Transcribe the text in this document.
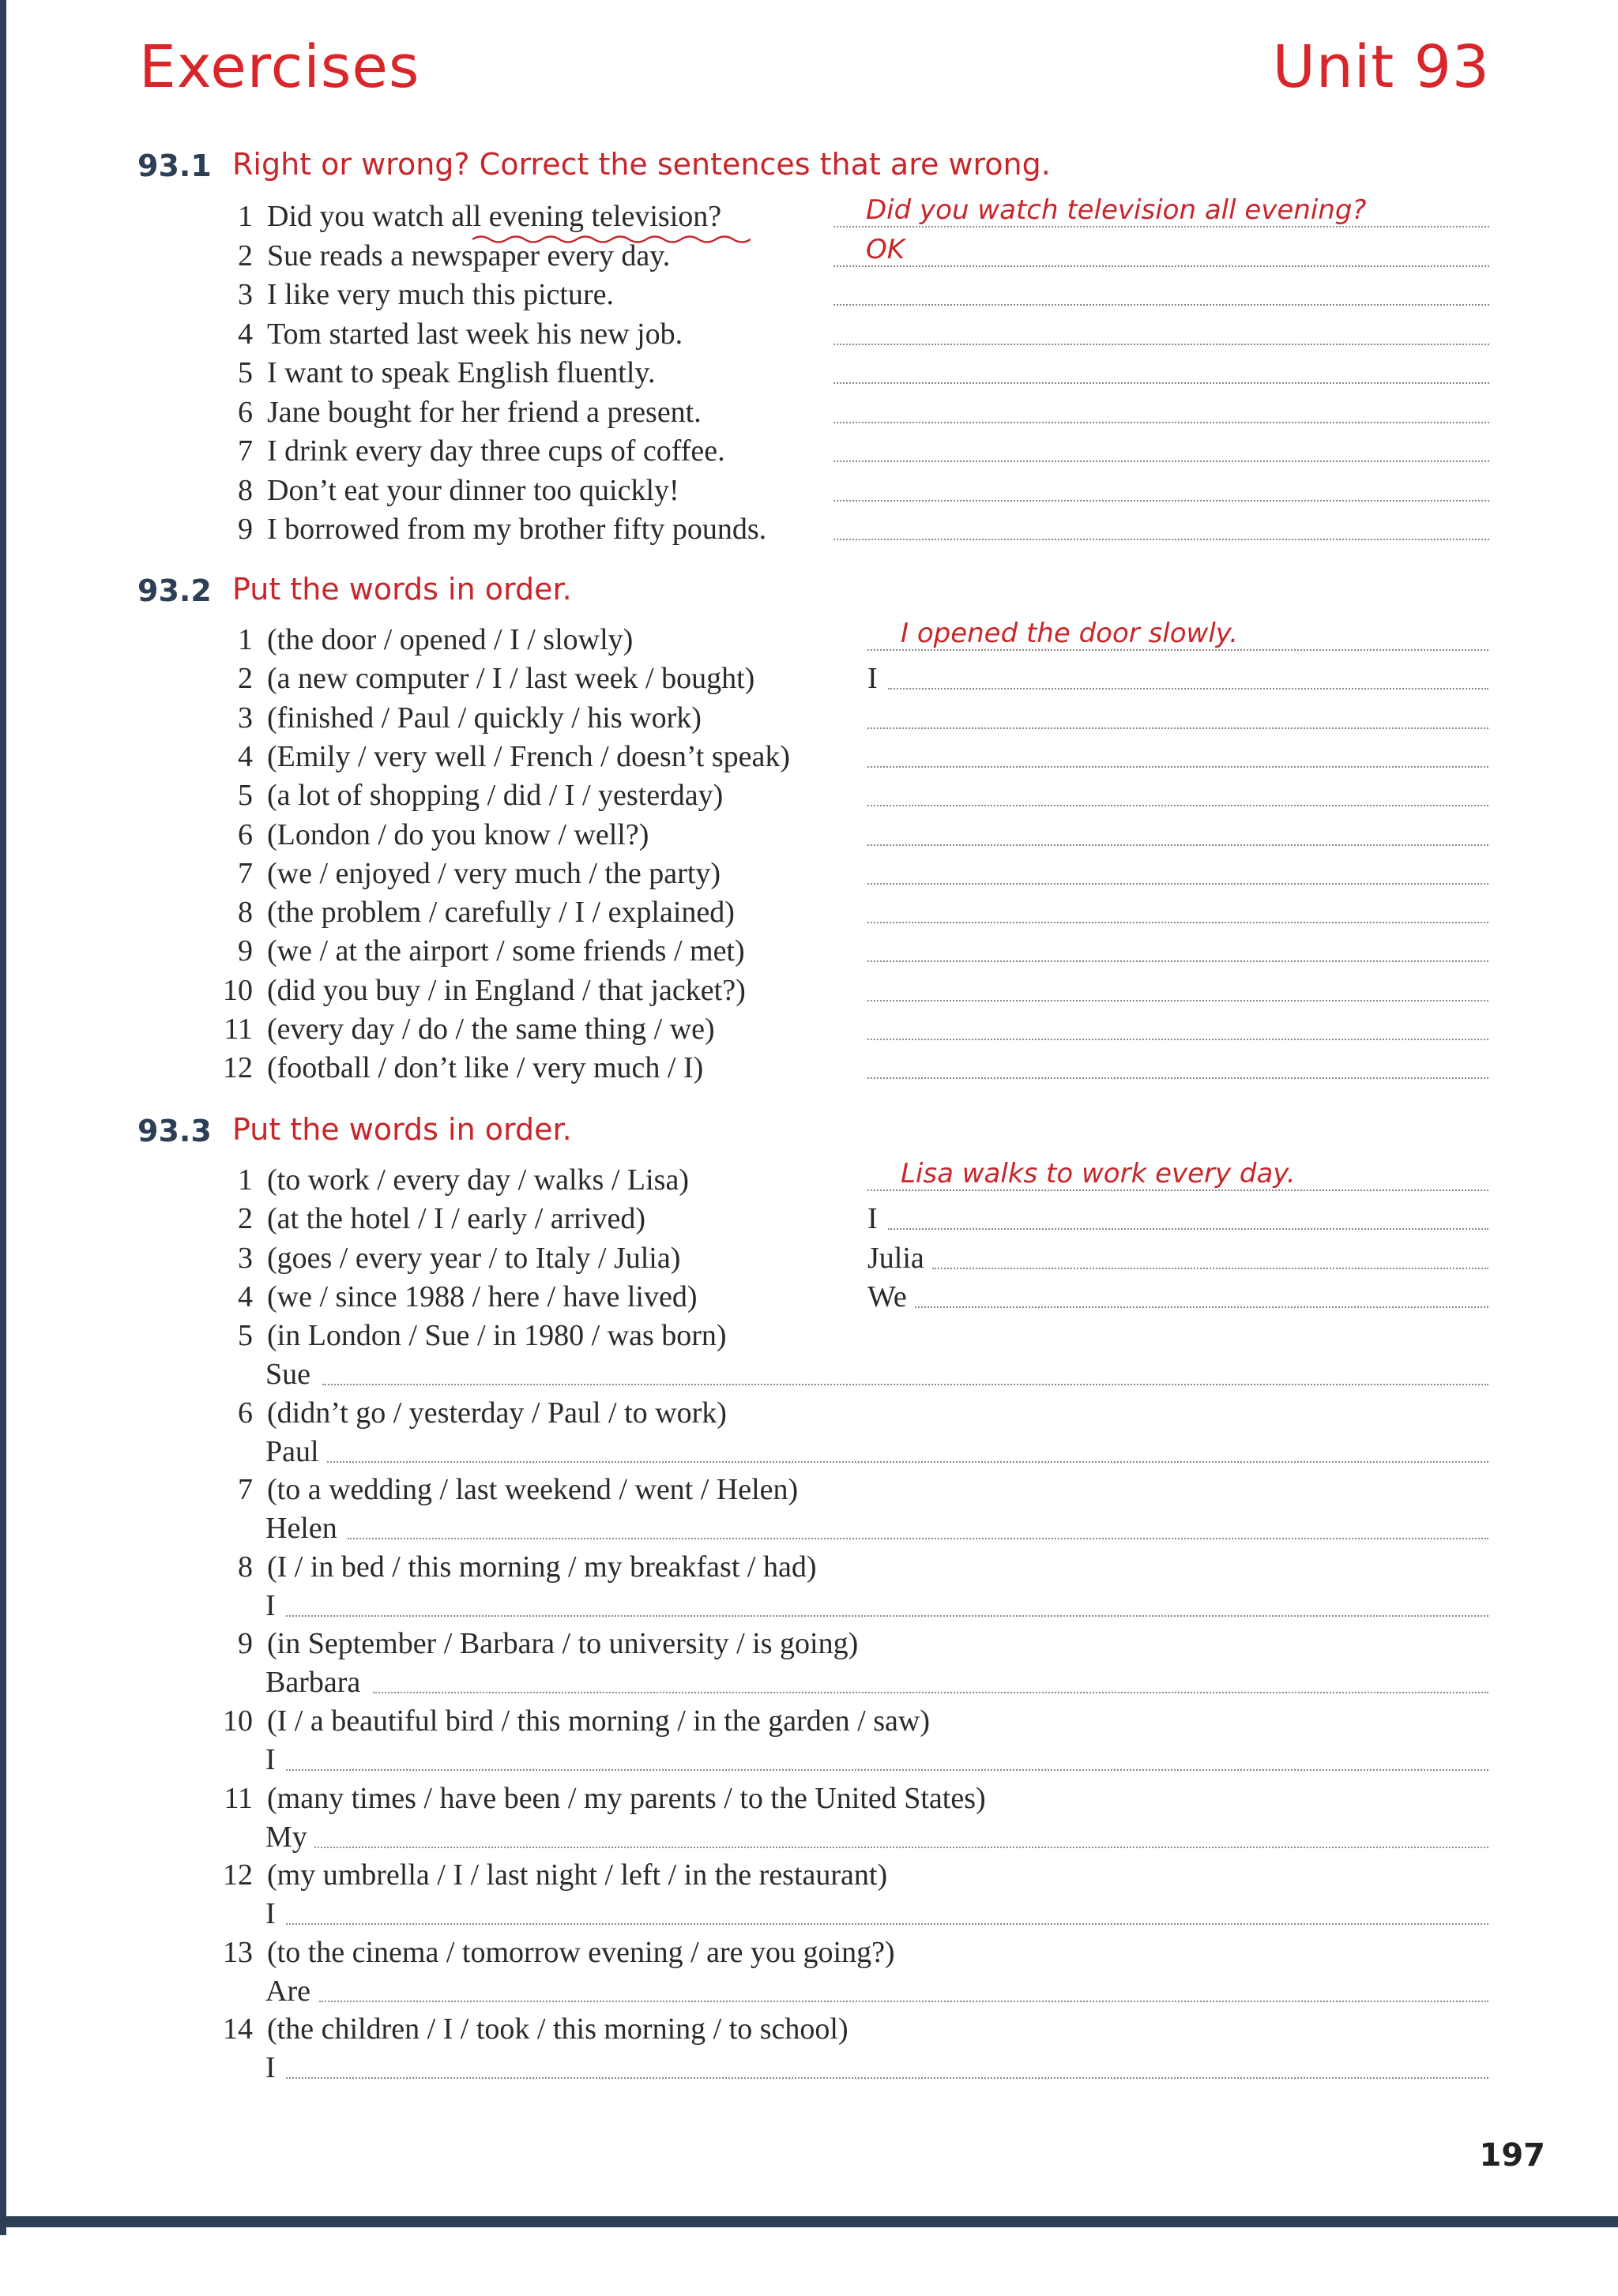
Exercises	Unit 93
93.1 Right or wrong? Correct the sentences that are wrong.
1 Did you watch all evening television?	Did you watch television all evening?
2 Sue reads a newspaper every day.	OK
3 I like very much this picture.
4 Tom started last week his new job.
5 I want to speak English fluently.
6 Jane bought for her friend a present.
7 I drink every day three cups of coffee.
8 Don’t eat your dinner too quickly!
9 I borrowed from my brother fifty pounds.
93.2 Put the words in order.
1 (the door / opened / I / slowly)	I opened the door slowly.
2 (a new computer / I / last week / bought)	I
3 (finished / Paul / quickly / his work)
4 (Emily / very well / French / doesn’t speak)
5 (a lot of shopping / did / I / yesterday)
6 (London / do you know / well?)
7 (we / enjoyed / very much / the party)
8 (the problem / carefully / I / explained)
9 (we / at the airport / some friends / met)
10 (did you buy / in England / that jacket?)
11 (every day / do / the same thing / we)
12 (football / don’t like / very much / I)
93.3 Put the words in order.
1 (to work / every day / walks / Lisa)	Lisa walks to work every day.
2 (at the hotel / I / early / arrived)	I
3 (goes / every year / to Italy / Julia)	Julia
4 (we / since 1988 / here / have lived)	We
5 (in London / Sue / in 1980 / was born)
Sue
6 (didn’t go / yesterday / Paul / to work)
Paul
7 (to a wedding / last weekend / went / Helen)
Helen
8 (I / in bed / this morning / my breakfast / had)
I
9 (in September / Barbara / to university / is going)
Barbara
10 (I / a beautiful bird / this morning / in the garden / saw)
I
11 (many times / have been / my parents / to the United States)
My
12 (my umbrella / I / last night / left / in the restaurant)
I
13 (to the cinema / tomorrow evening / are you going?)
Are
14 (the children / I / took / this morning / to school)
I
197
